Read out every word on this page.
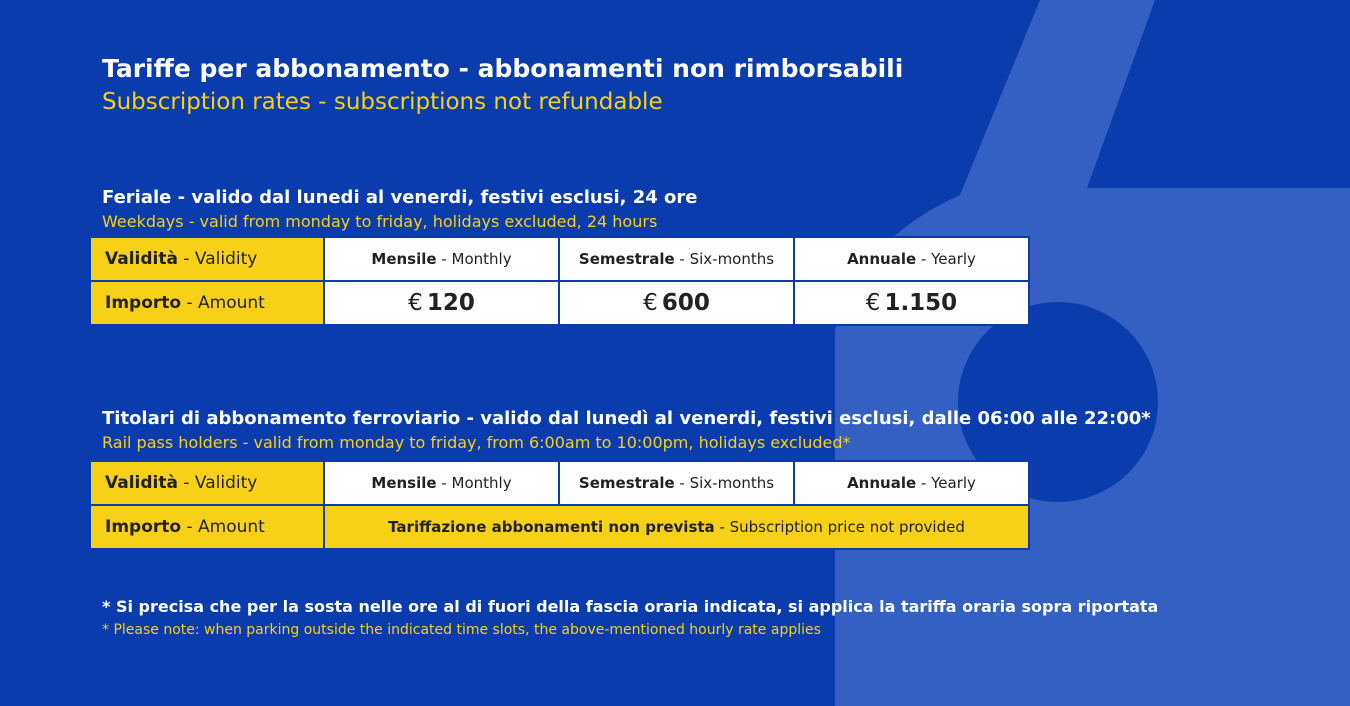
Tariffe per abbonamento - abbonamenti non rimborsabili
Subscription rates - subscriptions not refundable
Feriale - valido dal lunedi al venerdi, festivi esclusi, 24 ore
Weekdays - valid from monday to friday, holidays excluded, 24 hours
Validità - Validity	Mensile - Monthly	Semestrale - Six-months	Annuale - Yearly
Importo - Amount	€ 120	€ 600	€ 1.150
Titolari di abbonamento ferroviario - valido dal lunedì al venerdi, festivi esclusi, dalle 06:00 alle 22:00*
Rail pass holders - valid from monday to friday, from 6:00am to 10:00pm, holidays excluded*
Validità - Validity	Mensile - Monthly	Semestrale - Six-months	Annuale - Yearly
Importo - Amount	Tariffazione abbonamenti non prevista - Subscription price not provided		
* Si precisa che per la sosta nelle ore al di fuori della fascia oraria indicata, si applica la tariffa oraria sopra riportata
* Please note: when parking outside the indicated time slots, the above-mentioned hourly rate applies
